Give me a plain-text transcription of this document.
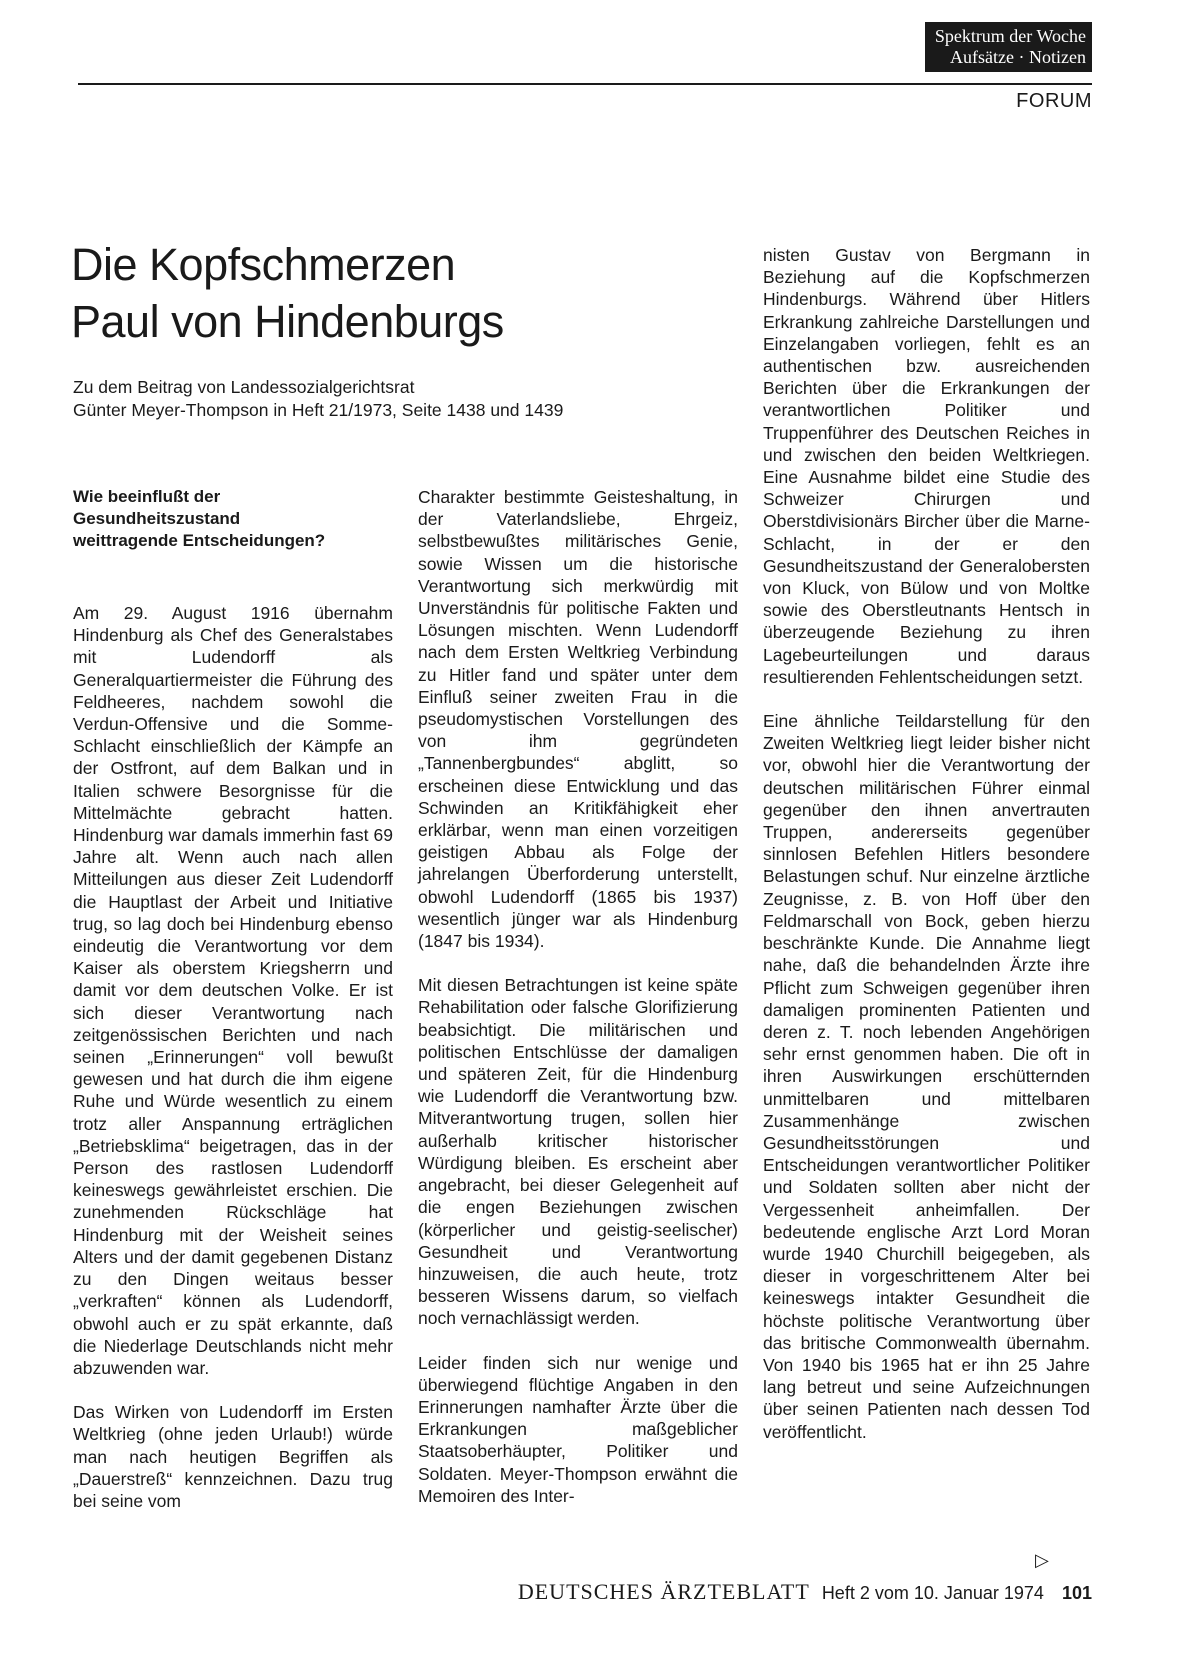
Spektrum der Woche
Aufsätze · Notizen
FORUM
Die Kopfschmerzen
Paul von Hindenburgs
Zu dem Beitrag von Landessozialgerichtsrat
Günter Meyer-Thompson in Heft 21/1973, Seite 1438 und 1439

Wie beeinflußt der
Gesundheitszustand
weittragende Entscheidungen?

Am 29. August 1916 übernahm Hindenburg als Chef des Generalstabes mit Ludendorff als Generalquartiermeister die Führung des Feldheeres, nachdem sowohl die Verdun-Offensive und die Somme-Schlacht einschließlich der Kämpfe an der Ostfront, auf dem Balkan und in Italien schwere Besorgnisse für die Mittelmächte gebracht hatten. Hindenburg war damals immerhin fast 69 Jahre alt. Wenn auch nach allen Mitteilungen aus dieser Zeit Ludendorff die Hauptlast der Arbeit und Initiative trug, so lag doch bei Hindenburg ebenso eindeutig die Verantwortung vor dem Kaiser als oberstem Kriegsherrn und damit vor dem deutschen Volke. Er ist sich dieser Verantwortung nach zeitgenössischen Berichten und nach seinen „Erinnerungen“ voll bewußt gewesen und hat durch die ihm eigene Ruhe und Würde wesentlich zu einem trotz aller Anspannung erträglichen „Betriebsklima“ beigetragen, das in der Person des rastlosen Ludendorff keineswegs gewährleistet erschien. Die zunehmenden Rückschläge hat Hindenburg mit der Weisheit seines Alters und der damit gegebenen Distanz zu den Dingen weitaus besser „verkraften“ können als Ludendorff, obwohl auch er zu spät erkannte, daß die Niederlage Deutschlands nicht mehr abzuwenden war.

Das Wirken von Ludendorff im Ersten Weltkrieg (ohne jeden Urlaub!) würde man nach heutigen Begriffen als „Dauerstreß“ kennzeichnen. Dazu trug bei seine vom

Charakter bestimmte Geisteshaltung, in der Vaterlandsliebe, Ehrgeiz, selbstbewußtes militärisches Genie, sowie Wissen um die historische Verantwortung sich merkwürdig mit Unverständnis für politische Fakten und Lösungen mischten. Wenn Ludendorff nach dem Ersten Weltkrieg Verbindung zu Hitler fand und später unter dem Einfluß seiner zweiten Frau in die pseudomystischen Vorstellungen des von ihm gegründeten „Tannenbergbundes“ abglitt, so erscheinen diese Entwicklung und das Schwinden an Kritikfähigkeit eher erklärbar, wenn man einen vorzeitigen geistigen Abbau als Folge der jahrelangen Überforderung unterstellt, obwohl Ludendorff (1865 bis 1937) wesentlich jünger war als Hindenburg (1847 bis 1934).

Mit diesen Betrachtungen ist keine späte Rehabilitation oder falsche Glorifizierung beabsichtigt. Die militärischen und politischen Entschlüsse der damaligen und späteren Zeit, für die Hindenburg wie Ludendorff die Verantwortung bzw. Mitverantwortung trugen, sollen hier außerhalb kritischer historischer Würdigung bleiben. Es erscheint aber angebracht, bei dieser Gelegenheit auf die engen Beziehungen zwischen (körperlicher und geistig-seelischer) Gesundheit und Verantwortung hinzuweisen, die auch heute, trotz besseren Wissens darum, so vielfach noch vernachlässigt werden.

Leider finden sich nur wenige und überwiegend flüchtige Angaben in den Erinnerungen namhafter Ärzte über die Erkrankungen maßgeblicher Staatsoberhäupter, Politiker und Soldaten. Meyer-Thompson erwähnt die Memoiren des Inter-

nisten Gustav von Bergmann in Beziehung auf die Kopfschmerzen Hindenburgs. Während über Hitlers Erkrankung zahlreiche Darstellungen und Einzelangaben vorliegen, fehlt es an authentischen bzw. ausreichenden Berichten über die Erkrankungen der verantwortlichen Politiker und Truppenführer des Deutschen Reiches in und zwischen den beiden Weltkriegen. Eine Ausnahme bildet eine Studie des Schweizer Chirurgen und Oberstdivisionärs Bircher über die Marne-Schlacht, in der er den Gesundheitszustand der Generalobersten von Kluck, von Bülow und von Moltke sowie des Oberstleutnants Hentsch in überzeugende Beziehung zu ihren Lagebeurteilungen und daraus resultierenden Fehlentscheidungen setzt.

Eine ähnliche Teildarstellung für den Zweiten Weltkrieg liegt leider bisher nicht vor, obwohl hier die Verantwortung der deutschen militärischen Führer einmal gegenüber den ihnen anvertrauten Truppen, andererseits gegenüber sinnlosen Befehlen Hitlers besondere Belastungen schuf. Nur einzelne ärztliche Zeugnisse, z. B. von Hoff über den Feldmarschall von Bock, geben hierzu beschränkte Kunde. Die Annahme liegt nahe, daß die behandelnden Ärzte ihre Pflicht zum Schweigen gegenüber ihren damaligen prominenten Patienten und deren z. T. noch lebenden Angehörigen sehr ernst genommen haben. Die oft in ihren Auswirkungen erschütternden unmittelbaren und mittelbaren Zusammenhänge zwischen Gesundheitsstörungen und Entscheidungen verantwortlicher Politiker und Soldaten sollten aber nicht der Vergessenheit anheimfallen. Der bedeutende englische Arzt Lord Moran wurde 1940 Churchill beigegeben, als dieser in vorgeschrittenem Alter bei keineswegs intakter Gesundheit die höchste politische Verantwortung über das britische Commonwealth übernahm. Von 1940 bis 1965 hat er ihn 25 Jahre lang betreut und seine Aufzeichnungen über seinen Patienten nach dessen Tod veröffentlicht.

▷
DEUTSCHES ÄRZTEBLATT Heft 2 vom 10. Januar 1974 101
